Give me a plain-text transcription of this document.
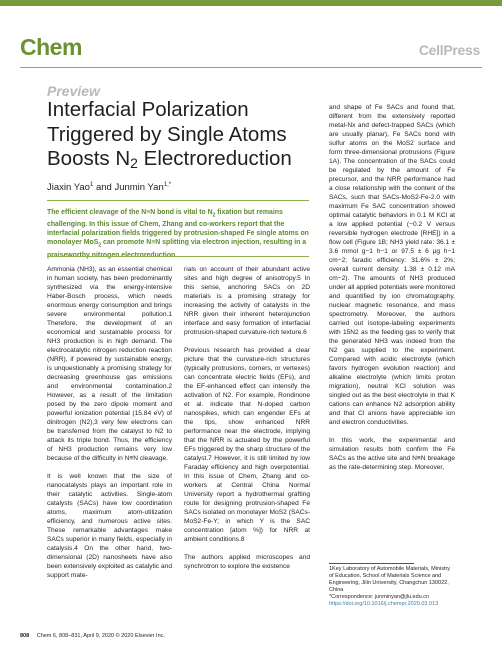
Chem	CellPress
Preview
Interfacial Polarization
Triggered by Single Atoms
Boosts $N_2$ Electroreduction
Jiaxin Yao$^1$ and Junmin Yan$^{1,*}$
The efficient cleavage of the N≡N bond is vital to $N_2$ fixation but remains challenging. In this issue of Chem, Zhang and co-workers report that the interfacial polarization fields triggered by protrusion-shaped Fe single atoms on monolayer MoS$_2$ can promote N≡N splitting via electron injection, resulting in a

Ammonia (NH3), as an essential chemical in human society, has been predominantly synthesized via the energy-intensive Haber-Bosch process, which needs enormous energy consumption and brings severe environmental pollution.1 Therefore, the development of an economical and sustainable process for NH3 production is in high demand. The electrocatalytic nitrogen reduction reaction (NRR), if powered by sustainable energy, is unquestionably a promising strategy for decreasing greenhouse gas emissions and environmental contamination.2 However, as a result of the limitation posed by the zero dipole moment and powerful ionization potential (15.84 eV) of dinitrogen (N2),3 very few electrons can be transferred from the catalyst to N2 to attack its triple bond. Thus, the efficiency of NH3 production remains very low because of the difficulty in N≡N cleavage.

It is well known that the size of nanocatalysts plays an important role in their catalytic activities. Single-atom catalysts (SACs) have low coordination atoms, maximum atom-utilization efficiency, and numerous active sites. These remarkable advantages make SACs superior in many fields, especially in catalysis.4 On the other hand, two-dimensional (2D) nanosheets have also been extensively exploited as catalytic and support mate-

rials on account of their abundant active sites and high degree of anisotropy.5 In this sense, anchoring SACs on 2D materials is a promising strategy for increasing the activity of catalysts in the NRR given their inherent heterojunction interface and easy formation of interfacial protrusion-shaped curvature-rich texture.6

Previous research has provided a clear picture that the curvature-rich structures (typically protrusions, corners, or vertexes) can concentrate electric fields (EFs), and the EF-enhanced effect can intensify the activation of N2. For example, Rondinone et al. indicate that N-doped carbon nanospikes, which can engender EFs at the tips, show enhanced NRR performance near the electrode, implying that the NRR is actuated by the powerful EFs triggered by the sharp structure of the catalyst.7 However, it is still limited by low Faraday efficiency and high overpotential. In this issue of Chem, Zhang and co-workers at Central China Normal University report a hydrothermal grafting route for designing protrusion-shaped Fe SACs isolated on monolayer MoS2 (SACs-MoS2-Fe-Y; in which Y is the SAC concentration [atom %]) for NRR at ambient conditions.8

The authors applied microscopes and synchrotron to explore the existence

and shape of Fe SACs and found that, different from the extensively reported metal-Nx and defect-trapped SACs (which are usually planar), Fe SACs bond with sulfur atoms on the MoS2 surface and form three-dimensional protrusions (Figure 1A). The concentration of the SACs could be regulated by the amount of Fe precursor, and the NRR performance had a close relationship with the content of the SACs, such that SACs-MoS2-Fe-2.0 with maximum Fe SAC concentration showed optimal catalytic behaviors in 0.1 M KCl at a low applied potential (−0.2 V versus reversible hydrogen electrode [RHE]) in a flow cell (Figure 1B; NH3 yield rate: 36.1 ± 3.6 mmol g−1 h−1 or 97.5 ± 6 μg h−1 cm−2; faradic efficiency: 31.6% ± 2%; overall current density: 1.38 ± 0.12 mA cm−2). The amounts of NH3 produced under all applied potentials were monitored and quantified by ion chromatography, nuclear magnetic resonance, and mass spectrometry. Moreover, the authors carried out isotope-labeling experiments with 15N2 as the feeding gas to verify that the generated NH3 was indeed from the N2 gas supplied to the experiment. Compared with acidic electrolyte (which favors hydrogen evolution reaction) and alkaline electrolyte (which limits proton migration), neutral KCl solution was singled out as the best electrolyte in that K cations can enhance N2 adsorption ability and that Cl anions have appreciable ion and electron conductivities.

In this work, the experimental and simulation results both confirm the Fe SACs as the active site and N≡N breakage as the rate-determining step. Moreover,

1Key Laboratory of Automobile Materials, Ministry of Education, School of Materials Science and Engineering, Jilin University, Changchun 130022, China
*Correspondence: junminyan@jlu.edu.cn
https://doi.org/10.1016/j.chempr.2020.03.013
808 Chem 6, 808–831, April 9, 2020 © 2020 Elsevier Inc.
